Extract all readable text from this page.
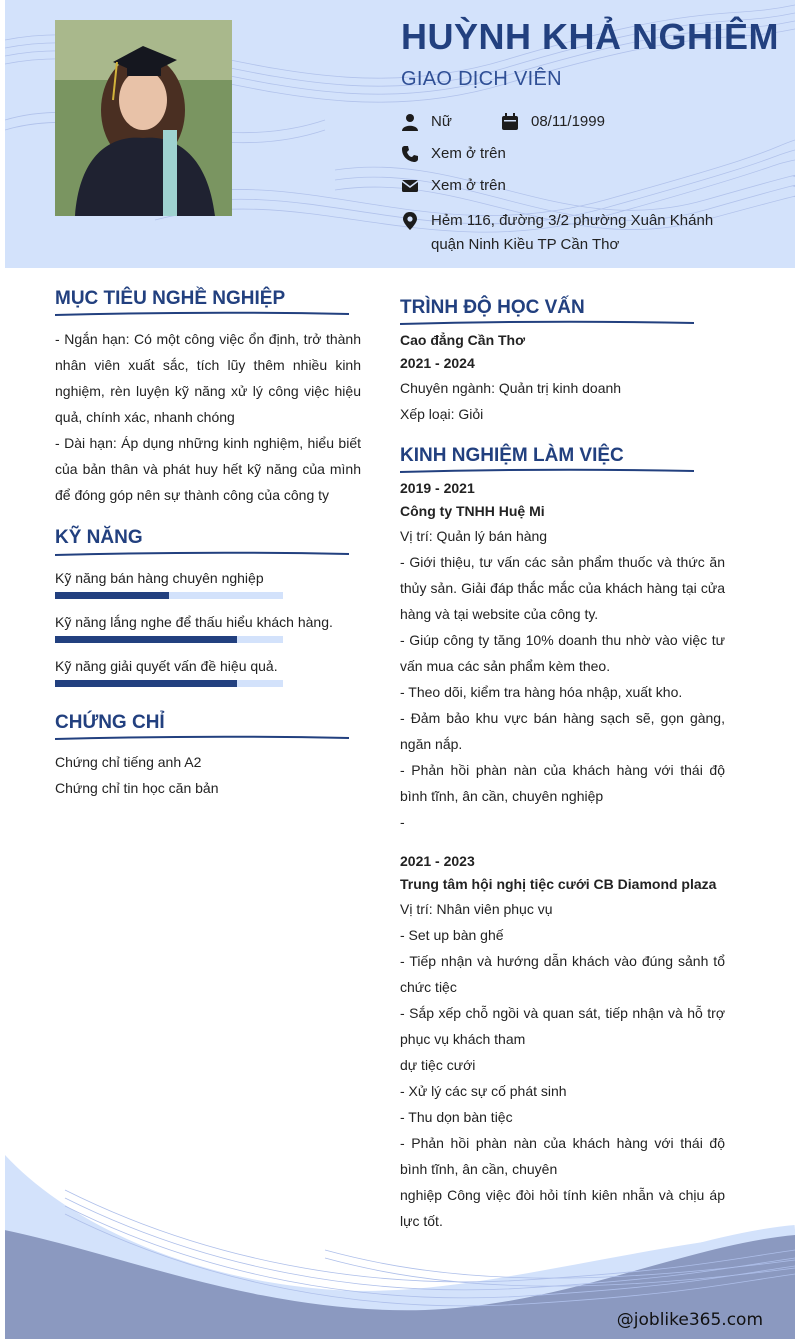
HUỲNH KHẢ NGHIÊM
GIAO DỊCH VIÊN
Nữ	08/11/1999
Xem ở trên
Xem ở trên
Hẻm 116, đường 3/2 phường Xuân Khánh
quận Ninh Kiều TP Cần Thơ
MỤC TIÊU NGHỀ NGHIỆP
- Ngắn hạn: Có một công việc ổn định, trở thành nhân viên xuất sắc, tích lũy thêm nhiều kinh nghiệm, rèn luyện kỹ năng xử lý công việc hiệu quả, chính xác, nhanh chóng
- Dài hạn: Áp dụng những kinh nghiệm, hiểu biết của bản thân và phát huy hết kỹ năng của mình để đóng góp nên sự thành công của công ty
KỸ NĂNG
Kỹ năng bán hàng chuyên nghiệp
Kỹ năng lắng nghe để thấu hiểu khách hàng.
Kỹ năng giải quyết vấn đề hiệu quả.
CHỨNG CHỈ
Chứng chỉ tiếng anh A2
Chứng chỉ tin học căn bản
TRÌNH ĐỘ HỌC VẤN
Cao đẳng Cần Thơ
2021 - 2024
Chuyên ngành: Quản trị kinh doanh
Xếp loại: Giỏi
KINH NGHIỆM LÀM VIỆC
2019 - 2021
Công ty TNHH Huệ Mi
Vị trí: Quản lý bán hàng
- Giới thiệu, tư vấn các sản phẩm thuốc và thức ăn thủy sản. Giải đáp thắc mắc của khách hàng tại cửa hàng và tại website của công ty.
- Giúp công ty tăng 10% doanh thu nhờ vào việc tư vấn mua các sản phẩm kèm theo.
- Theo dõi, kiểm tra hàng hóa nhập, xuất kho.
- Đảm bảo khu vực bán hàng sạch sẽ, gọn gàng, ngăn nắp.
- Phản hồi phàn nàn của khách hàng với thái độ bình tĩnh, ân cần, chuyên nghiệp
-
2021 - 2023
Trung tâm hội nghị tiệc cưới CB Diamond plaza
Vị trí: Nhân viên phục vụ
- Set up bàn ghế
- Tiếp nhận và hướng dẫn khách vào đúng sảnh tổ chức tiệc
- Sắp xếp chỗ ngồi và quan sát, tiếp nhận và hỗ trợ phục vụ khách tham
dự tiệc cưới
- Xử lý các sự cố phát sinh
- Thu dọn bàn tiệc
- Phản hồi phàn nàn của khách hàng với thái độ bình tĩnh, ân cần, chuyên
nghiệp Công việc đòi hỏi tính kiên nhẫn và chịu áp lực tốt.
@joblike365.com
